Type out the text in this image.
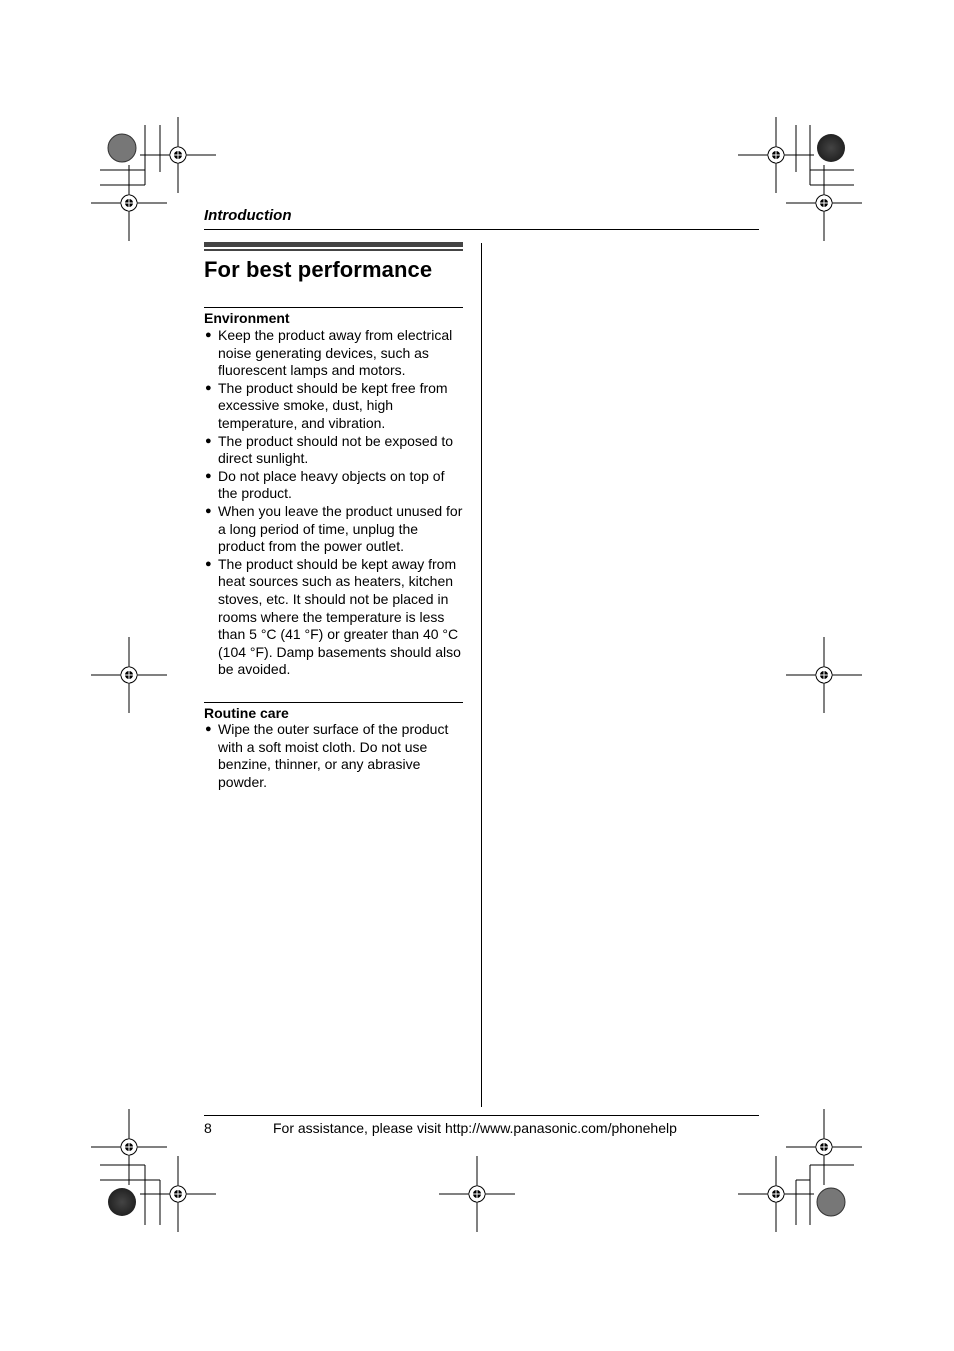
Introduction
For best performance
Environment
● Keep the product away from electrical noise generating devices, such as fluorescent lamps and motors.
● The product should be kept free from excessive smoke, dust, high temperature, and vibration.
● The product should not be exposed to direct sunlight.
● Do not place heavy objects on top of the product.
● When you leave the product unused for a long period of time, unplug the product from the power outlet.
● The product should be kept away from heat sources such as heaters, kitchen stoves, etc. It should not be placed in rooms where the temperature is less than 5 °C (41 °F) or greater than 40 °C (104 °F). Damp basements should also be avoided.
Routine care
● Wipe the outer surface of the product with a soft moist cloth. Do not use benzine, thinner, or any abrasive powder.
8	For assistance, please visit http://www.panasonic.com/phonehelp
